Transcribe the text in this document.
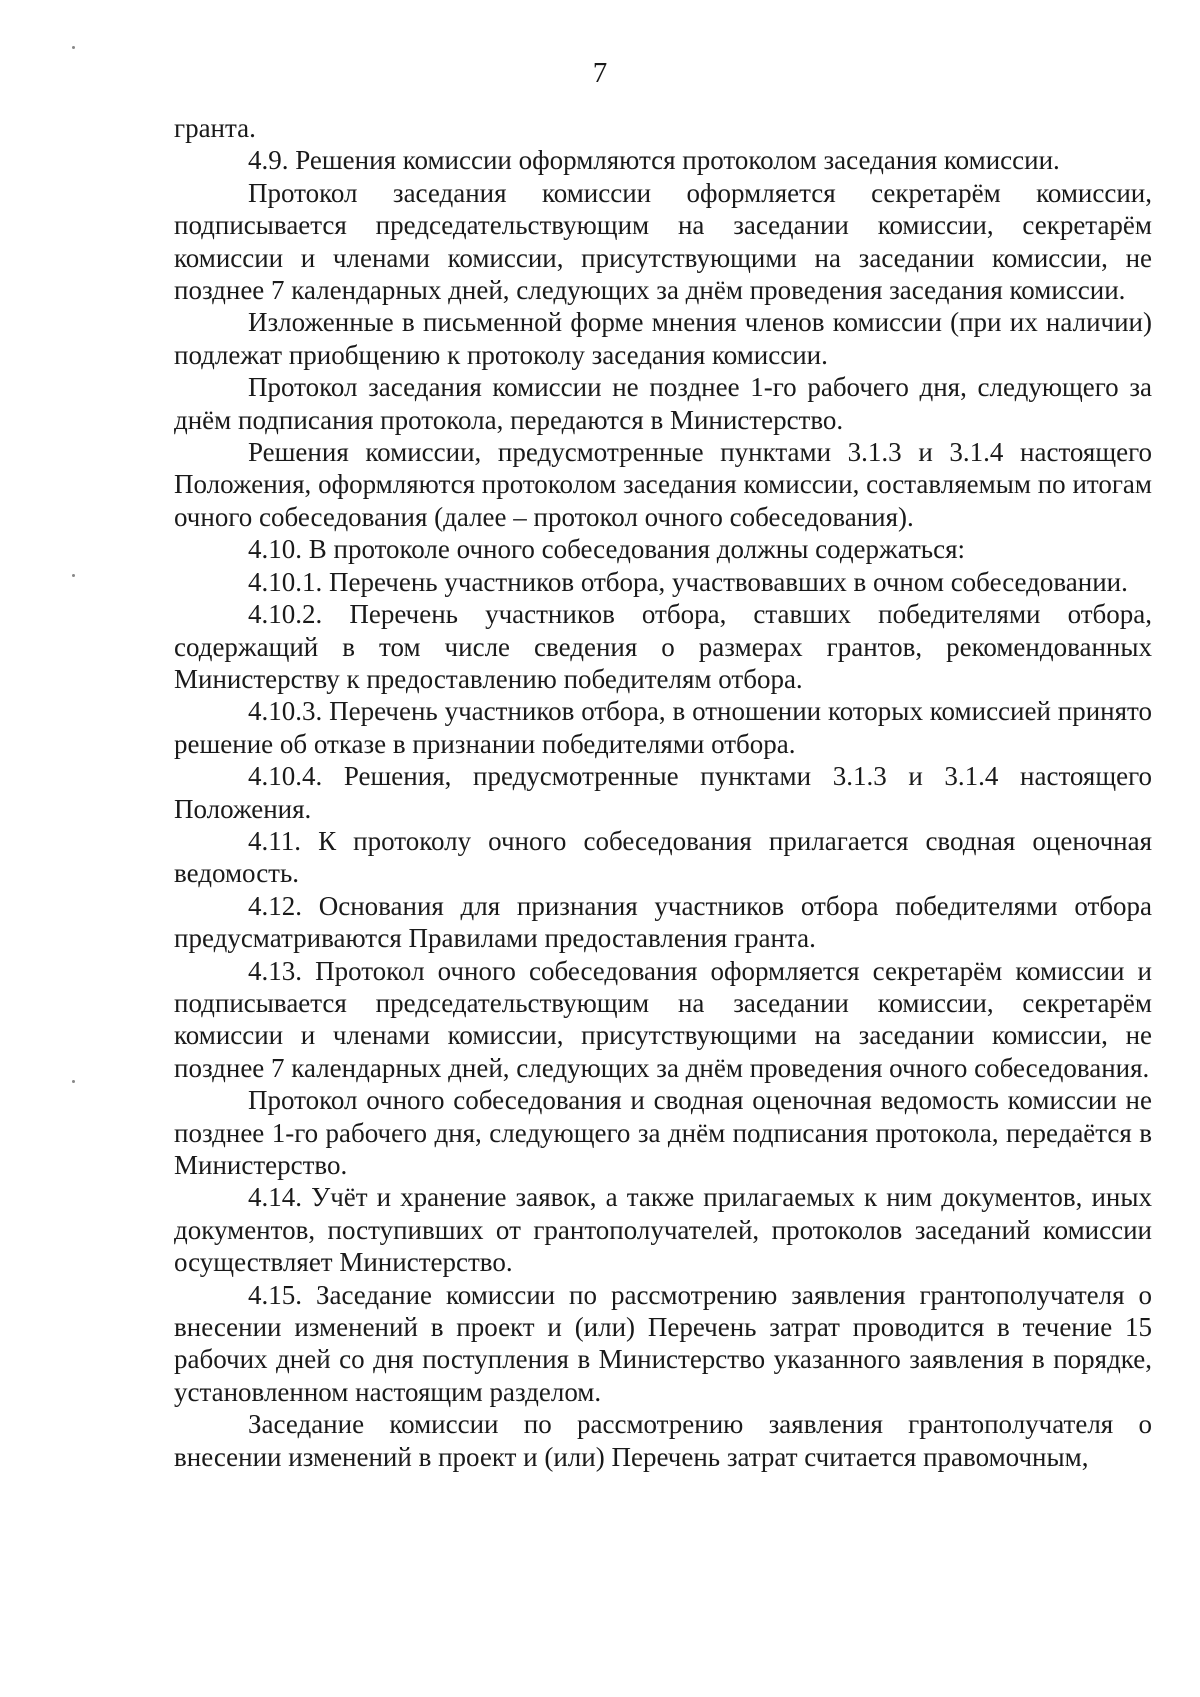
7

гранта.

4.9. Решения комиссии оформляются протоколом заседания комиссии.

Протокол заседания комиссии оформляется секретарём комиссии, подписывается председательствующим на заседании комиссии, секретарём комиссии и членами комиссии, присутствующими на заседании комиссии, не позднее 7 календарных дней, следующих за днём проведения заседания комиссии.

Изложенные в письменной форме мнения членов комиссии (при их наличии) подлежат приобщению к протоколу заседания комиссии.

Протокол заседания комиссии не позднее 1-го рабочего дня, следующего за днём подписания протокола, передаются в Министерство.

Решения комиссии, предусмотренные пунктами 3.1.3 и 3.1.4 настоящего Положения, оформляются протоколом заседания комиссии, составляемым по итогам очного собеседования (далее – протокол очного собеседования).

4.10. В протоколе очного собеседования должны содержаться:

4.10.1. Перечень участников отбора, участвовавших в очном собеседовании.

4.10.2. Перечень участников отбора, ставших победителями отбора, содержащий в том числе сведения о размерах грантов, рекомендованных Министерству к предоставлению победителям отбора.

4.10.3. Перечень участников отбора, в отношении которых комиссией принято решение об отказе в признании победителями отбора.

4.10.4. Решения, предусмотренные пунктами 3.1.3 и 3.1.4 настоящего Положения.

4.11. К протоколу очного собеседования прилагается сводная оценочная ведомость.

4.12. Основания для признания участников отбора победителями отбора предусматриваются Правилами предоставления гранта.

4.13. Протокол очного собеседования оформляется секретарём комиссии и подписывается председательствующим на заседании комиссии, секретарём комиссии и членами комиссии, присутствующими на заседании комиссии, не позднее 7 календарных дней, следующих за днём проведения очного собеседования.

Протокол очного собеседования и сводная оценочная ведомость комиссии не позднее 1-го рабочего дня, следующего за днём подписания протокола, передаётся в Министерство.

4.14. Учёт и хранение заявок, а также прилагаемых к ним документов, иных документов, поступивших от грантополучателей, протоколов заседаний комиссии осуществляет Министерство.

4.15. Заседание комиссии по рассмотрению заявления грантополучателя о внесении изменений в проект и (или) Перечень затрат проводится в течение 15 рабочих дней со дня поступления в Министерство указанного заявления в порядке, установленном настоящим разделом.

Заседание комиссии по рассмотрению заявления грантополучателя о внесении изменений в проект и (или) Перечень затрат считается правомочным,
